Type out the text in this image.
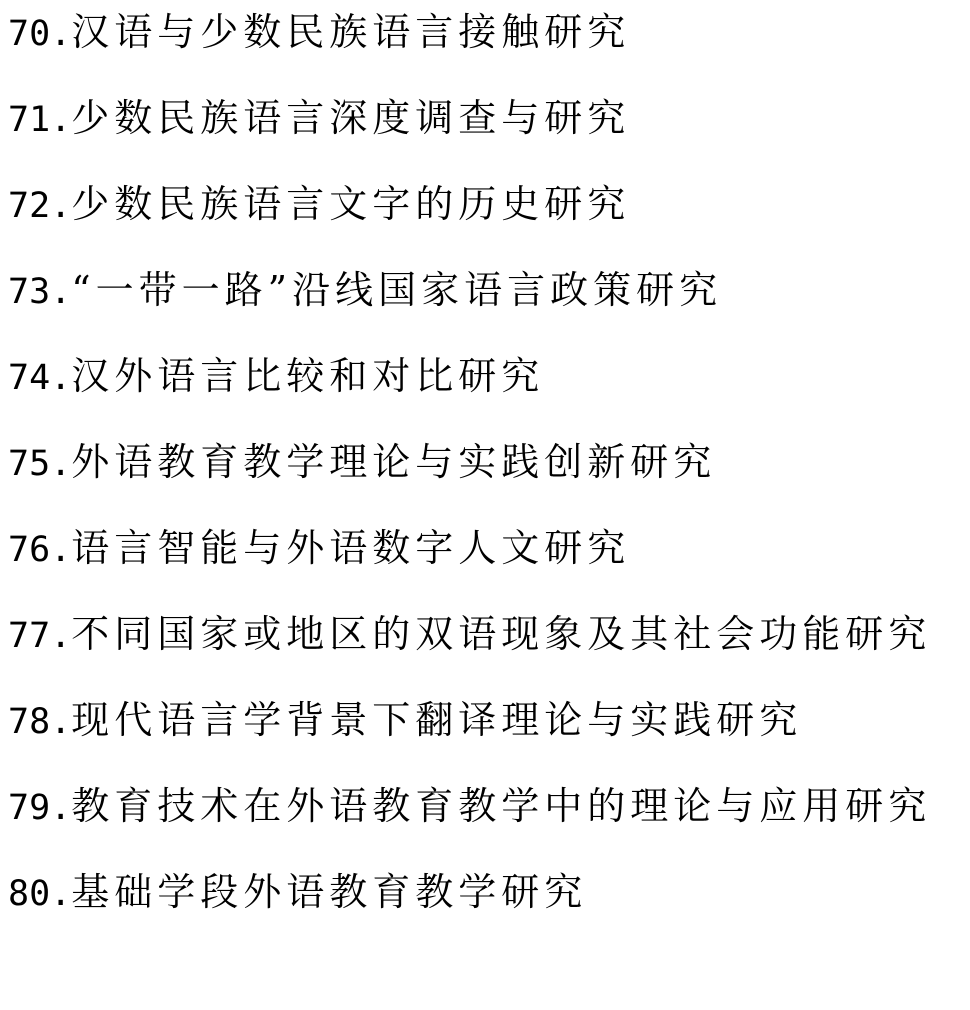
70.汉语与少数民族语言接触研究
71.少数民族语言深度调查与研究
72.少数民族语言文字的历史研究
73.“一带一路”沿线国家语言政策研究
74.汉外语言比较和对比研究
75.外语教育教学理论与实践创新研究
76.语言智能与外语数字人文研究
77.不同国家或地区的双语现象及其社会功能研究
78.现代语言学背景下翻译理论与实践研究
79.教育技术在外语教育教学中的理论与应用研究
80.基础学段外语教育教学研究
